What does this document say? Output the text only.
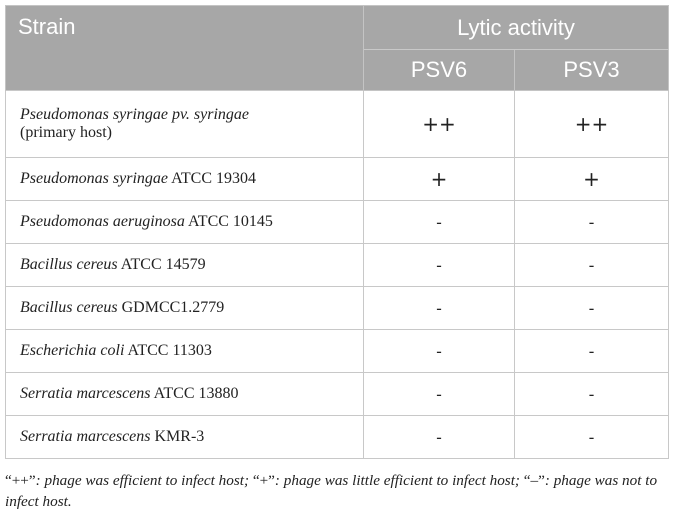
Strain	Lytic activity	
	PSV6	PSV3
Pseudomonas syringae pv. syringae
(primary host)	++	++
Pseudomonas syringae ATCC 19304	+	+
Pseudomonas aeruginosa ATCC 10145	-	-
Bacillus cereus ATCC 14579	-	-
Bacillus cereus GDMCC1.2779	-	-
Escherichia coli ATCC 11303	-	-
Serratia marcescens ATCC 13880	-	-
Serratia marcescens KMR-3	-	-
“++”: phage was efficient to infect host; “+”: phage was little efficient to infect host; “–”: phage was not to infect host.
